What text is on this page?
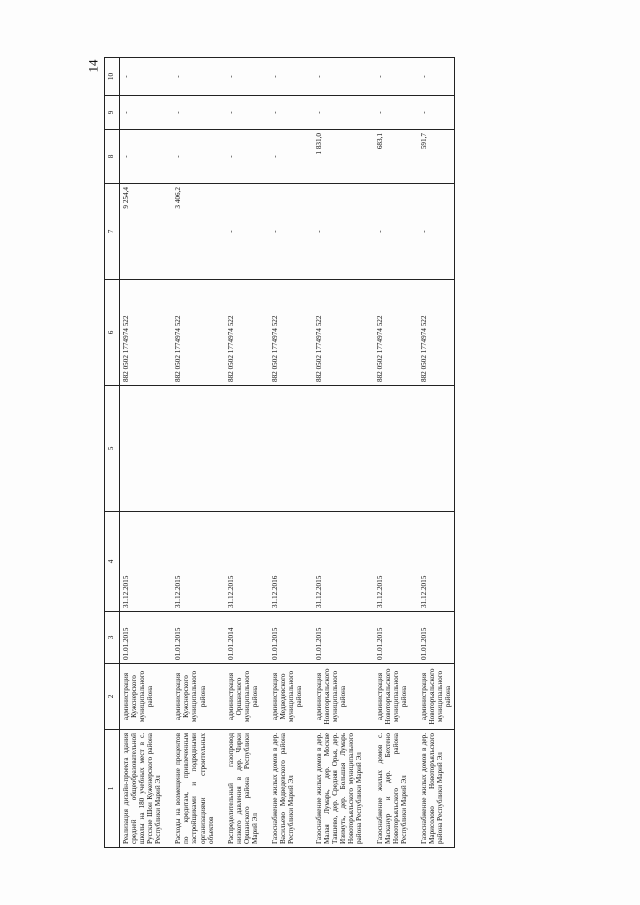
14
1	2	3	4	5	6	7	8	9	10
Реализация дизайн-проекта здания средней общеобразовательной школы на 180 учебных мест в с. Русские Шои Куженерского района Республики Марий Эл	администрация Кужснерского муниципального района	01.01.2015	31.12.2015		882 0502 1774974 522	9 254,4	-	-	-

Расходы на возмещение процентов по кредитам, привлеченным застройщиками и подрядными организациями строительных объектов	администрация Кужснерского муниципального района	01.01.2015	31.12.2015		882 0502 1774974 522	3 406,2	-	-	-

Распределительный газопровод низкого давления в дер. Чирки Оршанского района Республики Марий Эл	администрация Оршанского муниципального района	01.01.2014	31.12.2015		882 0502 1774974 522	-	-	-	-

Газоснабжение жилых домов в дер. Васильево Медведевского района Республики Марий Эл	администрация Медведевского муниципального района	01.01.2015	31.12.2016		882 0502 1774974 522	-	-	-	-

Газоснабжение жилых домов в дер. Малая Лумарь, дер. Москве Тавшево, дер. Средняя Орья, дер. Изимуть, дер. Большая Лумарь Новоторъяльского муниципального района Республики Марий Эл	администрация Новоторъяльского муниципального района	01.01.2015	31.12.2015		882 0502 1774974 522	-	1 831,0	-	-

Газоснабжение жилых домов с. Масканур и дер. Бехтено Новоторъяльского района Республики Марий Эл	администрация Новоторъяльского муниципального района	01.01.2015	31.12.2015		882 0502 1774974 522	-	683,1	-	-

Газоснабжение жилых домов в дер. Марисолово Новоторъяльского района Республики Марий Эл	администрация Новоторъяльского муниципального района	01.01.2015	31.12.2015		882 0502 1774974 522	-	591,7	-	-
